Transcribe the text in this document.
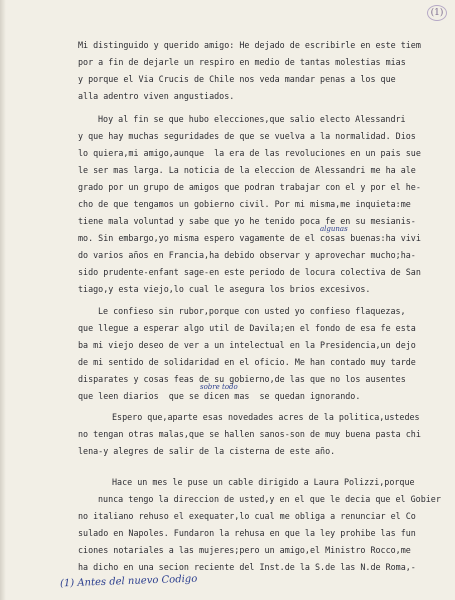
(1)
Mi distinguido y querido amigo: He dejado de escribirle en este tiem
por a fin de dejarle un respiro en medio de tantas molestias mias
y porque el Via Crucis de Chile nos veda mandar penas a los que
alla adentro viven angustiados.
Hoy al fin se que hubo elecciones,que salio electo Alessandri
y que hay muchas seguridades de que se vuelva a la normalidad. Dios
lo quiera,mi amigo,aunque  la era de las revoluciones en un pais sue
le ser mas larga. La noticia de la eleccion de Alessandri me ha ale
grado por un grupo de amigos que podran trabajar con el y por el he-
cho de que tengamos un gobierno civil. Por mi misma,me inquieta:me
tiene mala voluntad y sabe que yo he tenido poca fe en su mesianis-
mo. Sin embargo,yo misma espero vagamente de el cosas buenas:ha vivi
do varios años en Francia,ha debido observar y aprovechar mucho;ha-
sido prudente-enfant sage-en este periodo de locura colectiva de San
tiago,y esta viejo,lo cual le asegura los brios excesivos.
Le confieso sin rubor,porque con usted yo confieso flaquezas,
que llegue a esperar algo util de Davila;en el fondo de esa fe esta
ba mi viejo deseo de ver a un intelectual en la Presidencia,un dejo
de mi sentido de solidaridad en el oficio. Me han contado muy tarde
disparates y cosas feas de su gobierno,de las que no los ausentes
que leen diarios  que se dicen mas  se quedan ignorando.
Espero que,aparte esas novedades acres de la politica,ustedes
no tengan otras malas,que se hallen sanos-son de muy buena pasta chi
lena-y alegres de salir de la cisterna de este año.
Hace un mes le puse un cable dirigido a Laura Polizzi,porque
nunca tengo la direccion de usted,y en el que le decia que el Gobier
no italiano rehuso el exequater,lo cual me obliga a renunciar el Co
sulado en Napoles. Fundaron la rehusa en que la ley prohibe las fun
ciones notariales a las mujeres;pero un amigo,el Ministro Rocco,me
ha dicho en una secion reciente del Inst.de la S.de las N.de Roma,-
algunas
sobre todo
(1) Antes del nuevo Codigo
